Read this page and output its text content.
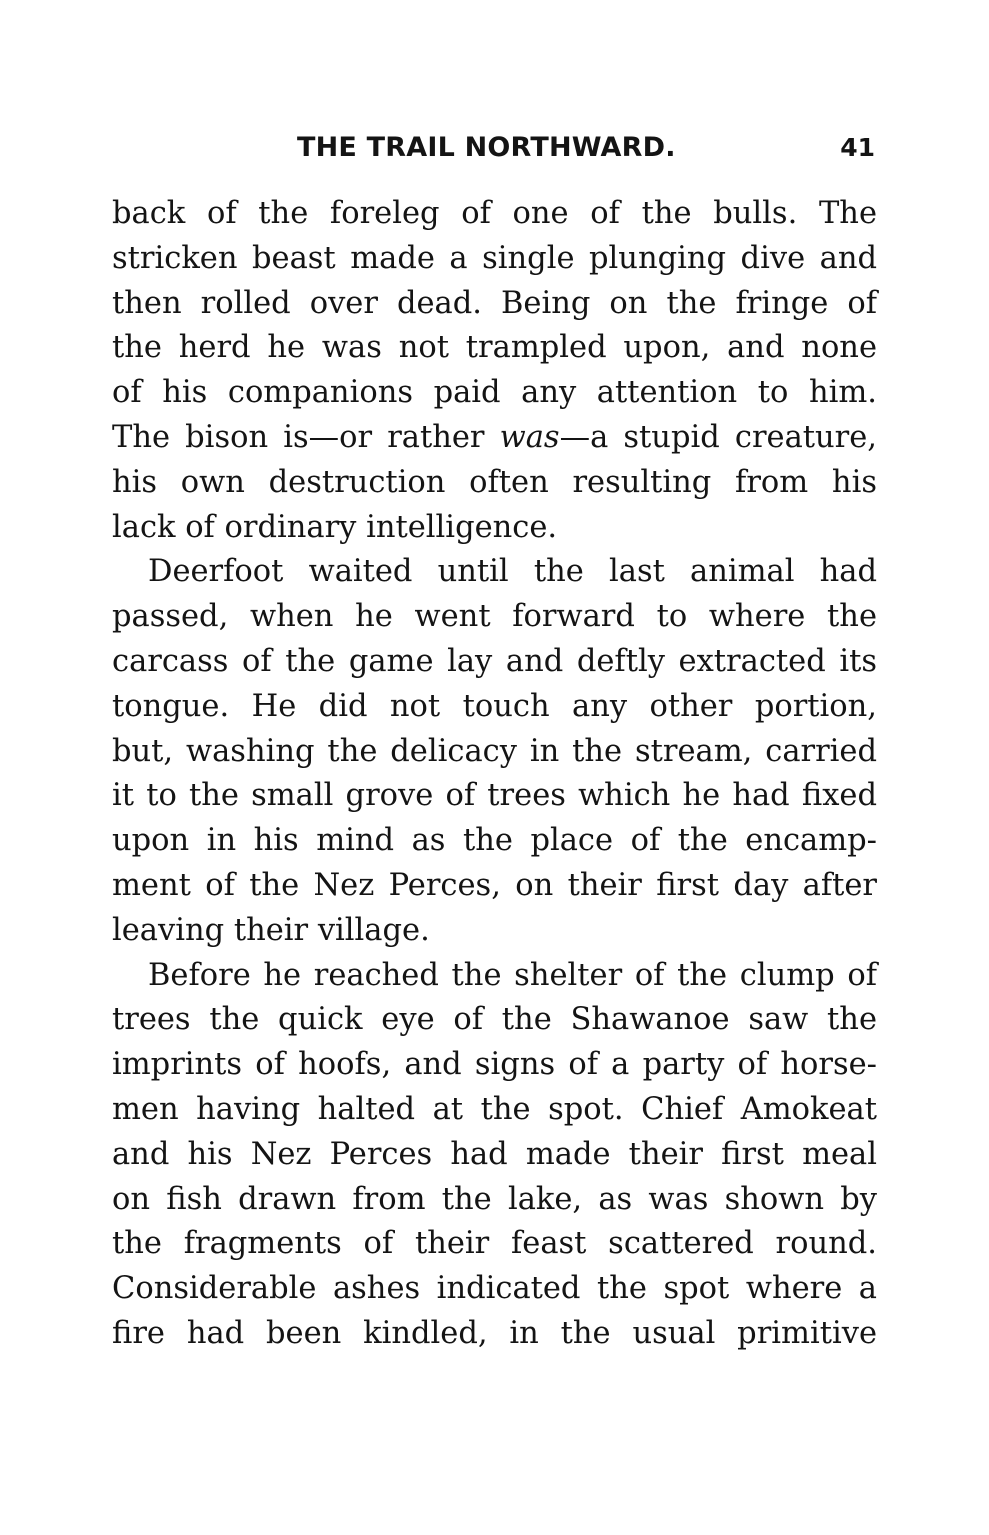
THE TRAIL NORTHWARD.	41
back of the foreleg of one of the bulls. The
stricken beast made a single plunging dive and
then rolled over dead. Being on the fringe of
the herd he was not trampled upon, and none
of his companions paid any attention to him.
The bison is—or rather was—a stupid creature,
his own destruction often resulting from his
lack of ordinary intelligence.
Deerfoot waited until the last animal had
passed, when he went forward to where the
carcass of the game lay and deftly extracted its
tongue. He did not touch any other portion,
but, washing the delicacy in the stream, carried
it to the small grove of trees which he had fixed
upon in his mind as the place of the encamp-
ment of the Nez Perces, on their first day after
leaving their village.
Before he reached the shelter of the clump of
trees the quick eye of the Shawanoe saw the
imprints of hoofs, and signs of a party of horse-
men having halted at the spot. Chief Amokeat
and his Nez Perces had made their first meal
on fish drawn from the lake, as was shown by
the fragments of their feast scattered round.
Considerable ashes indicated the spot where a
fire had been kindled, in the usual primitive
